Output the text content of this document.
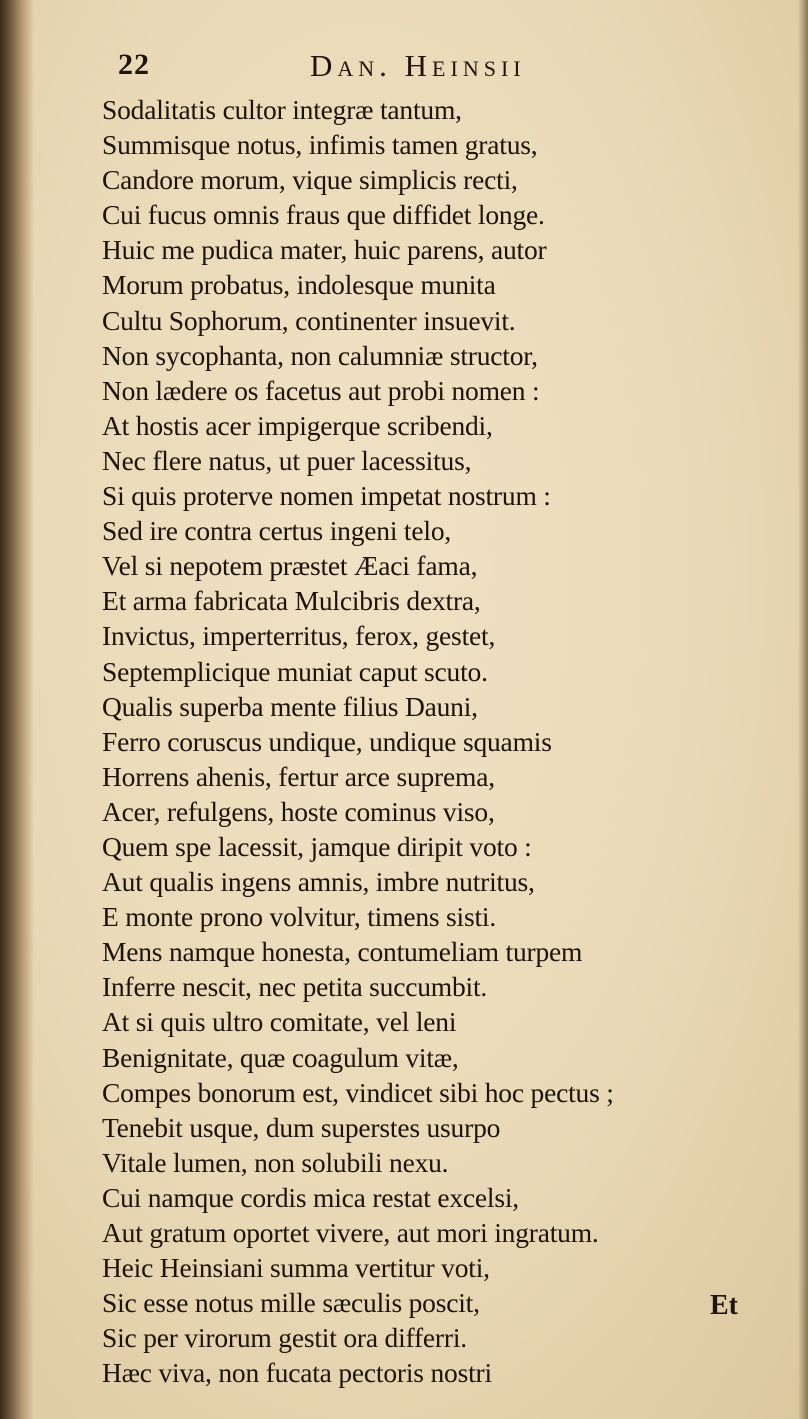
22	Dan. Heinsii
Sodalitatis cultor integræ tantum,
Summisque notus, infimis tamen gratus,
Candore morum, vique simplicis recti,
Cui fucus omnis fraus que diffidet longe.
Huic me pudica mater, huic parens, autor
Morum probatus, indolesque munita
Cultu Sophorum, continenter insuevit.
Non sycophanta, non calumniæ structor,
Non lædere os facetus aut probi nomen :
At hostis acer impigerque scribendi,
Nec flere natus, ut puer lacessitus,
Si quis proterve nomen impetat nostrum :
Sed ire contra certus ingeni telo,
Vel si nepotem præstet Æaci fama,
Et arma fabricata Mulcibris dextra,
Invictus, imperterritus, ferox, gestet,
Septemplicique muniat caput scuto.
Qualis superba mente filius Dauni,
Ferro coruscus undique, undique squamis
Horrens ahenis, fertur arce suprema,
Acer, refulgens, hoste cominus viso,
Quem spe lacessit, jamque diripit voto :
Aut qualis ingens amnis, imbre nutritus,
E monte prono volvitur, timens sisti.
Mens namque honesta, contumeliam turpem
Inferre nescit, nec petita succumbit.
At si quis ultro comitate, vel leni
Benignitate, quæ coagulum vitæ,
Compes bonorum est, vindicet sibi hoc pectus ;
Tenebit usque, dum superstes usurpo
Vitale lumen, non solubili nexu.
Cui namque cordis mica restat excelsi,
Aut gratum oportet vivere, aut mori ingratum.
Heic Heinsiani summa vertitur voti,
Sic esse notus mille sæculis poscit,
Sic per virorum gestit ora differri.
Hæc viva, non fucata pectoris nostri
Et
